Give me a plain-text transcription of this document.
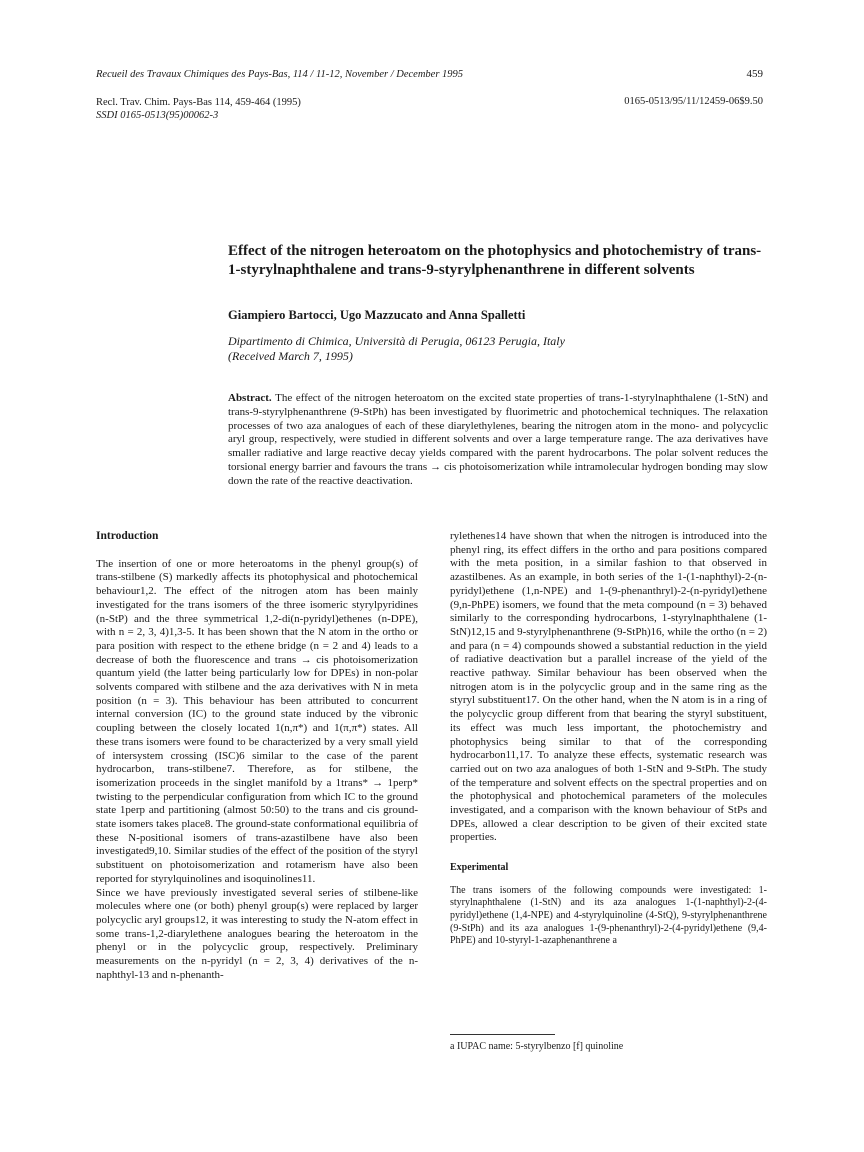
Recueil des Travaux Chimiques des Pays-Bas, 114 / 11-12, November / December 1995	459
Recl. Trav. Chim. Pays-Bas 114, 459-464 (1995)
SSDI 0165-0513(95)00062-3
0165-0513/95/11/12459-06$9.50
Effect of the nitrogen heteroatom on the photophysics and photochemistry of trans-1-styrylnaphthalene and trans-9-styrylphenanthrene in different solvents
Giampiero Bartocci, Ugo Mazzucato and Anna Spalletti
Dipartimento di Chimica, Università di Perugia, 06123 Perugia, Italy
(Received March 7, 1995)
Abstract. The effect of the nitrogen heteroatom on the excited state properties of trans-1-styrylnaphthalene (1-StN) and trans-9-styrylphenanthrene (9-StPh) has been investigated by fluorimetric and photochemical techniques. The relaxation processes of two aza analogues of each of these diarylethylenes, bearing the nitrogen atom in the mono- and polycyclic aryl group, respectively, were studied in different solvents and over a large temperature range. The aza derivatives have smaller radiative and large reactive decay yields compared with the parent hydrocarbons. The polar solvent reduces the torsional energy barrier and favours the trans → cis photoisomerization while intramolecular hydrogen bonding may slow down the rate of the reactive deactivation.
Introduction

The insertion of one or more heteroatoms in the phenyl group(s) of trans-stilbene (S) markedly affects its photophysical and photochemical behaviour1,2. The effect of the nitrogen atom has been mainly investigated for the trans isomers of the three isomeric styrylpyridines (n-StP) and the three symmetrical 1,2-di(n-pyridyl)ethenes (n-DPE), with n = 2, 3, 4)1,3-5. It has been shown that the N atom in the ortho or para position with respect to the ethene bridge (n = 2 and 4) leads to a decrease of both the fluorescence and trans → cis photoisomerization quantum yield (the latter being particularly low for DPEs) in non-polar solvents compared with stilbene and the aza derivatives with N in meta position (n = 3). This behaviour has been attributed to concurrent internal conversion (IC) to the ground state induced by the vibronic coupling between the closely located 1(n,π*) and 1(π,π*) states. All these trans isomers were found to be characterized by a very small yield of intersystem crossing (ISC)6 similar to the case of the parent hydrocarbon, trans-stilbene7. Therefore, as for stilbene, the isomerization proceeds in the singlet manifold by a 1trans* → 1perp* twisting to the perpendicular configuration from which IC to the ground state 1perp and partitioning (almost 50:50) to the trans and cis ground-state isomers takes place8. The ground-state conformational equilibria of these N-positional isomers of trans-azastilbene have also been investigated9,10. Similar studies of the effect of the position of the styryl substituent on photoisomerization and rotamerism have also been reported for styrylquinolines and isoquinolines11.

Since we have previously investigated several series of stilbene-like molecules where one (or both) phenyl group(s) were replaced by larger polycyclic aryl groups12, it was interesting to study the N-atom effect in some trans-1,2-diarylethene analogues bearing the heteroatom in the phenyl or in the polycyclic group, respectively. Preliminary measurements on the n-pyridyl (n = 2, 3, 4) derivatives of the n-naphthyl-13 and n-phenanth-

rylethenes14 have shown that when the nitrogen is introduced into the phenyl ring, its effect differs in the ortho and para positions compared with the meta position, in a similar fashion to that observed in azastilbenes. As an example, in both series of the 1-(1-naphthyl)-2-(n-pyridyl)ethene (1,n-NPE) and 1-(9-phenanthryl)-2-(n-pyridyl)ethene (9,n-PhPE) isomers, we found that the meta compound (n = 3) behaved similarly to the corresponding hydrocarbons, 1-styrylnaphthalene (1-StN)12,15 and 9-styrylphenanthrene (9-StPh)16, while the ortho (n = 2) and para (n = 4) compounds showed a substantial reduction in the yield of radiative deactivation but a parallel increase of the yield of the reactive pathway. Similar behaviour has been observed when the nitrogen atom is in the polycyclic group and in the same ring as the styryl substituent17. On the other hand, when the N atom is in a ring of the polycyclic group different from that bearing the styryl substituent, its effect was much less important, the photochemistry and photophysics being similar to that of the corresponding hydrocarbon11,17. To analyze these effects, systematic research was carried out on two aza analogues of both 1-StN and 9-StPh. The study of the temperature and solvent effects on the spectral properties and on the photophysical and photochemical parameters of the molecules investigated, and a comparison with the known behaviour of StPs and DPEs, allowed a clear description to be given of their excited state properties.

Experimental

The trans isomers of the following compounds were investigated: 1-styrylnaphthalene (1-StN) and its aza analogues 1-(1-naphthyl)-2-(4-pyridyl)ethene (1,4-NPE) and 4-styrylquinoline (4-StQ), 9-styrylphenanthrene (9-StPh) and its aza analogues 1-(9-phenanthryl)-2-(4-pyridyl)ethene (9,4-PhPE) and 10-styryl-1-azaphenanthrene a

a IUPAC name: 5-styrylbenzo [f] quinoline
